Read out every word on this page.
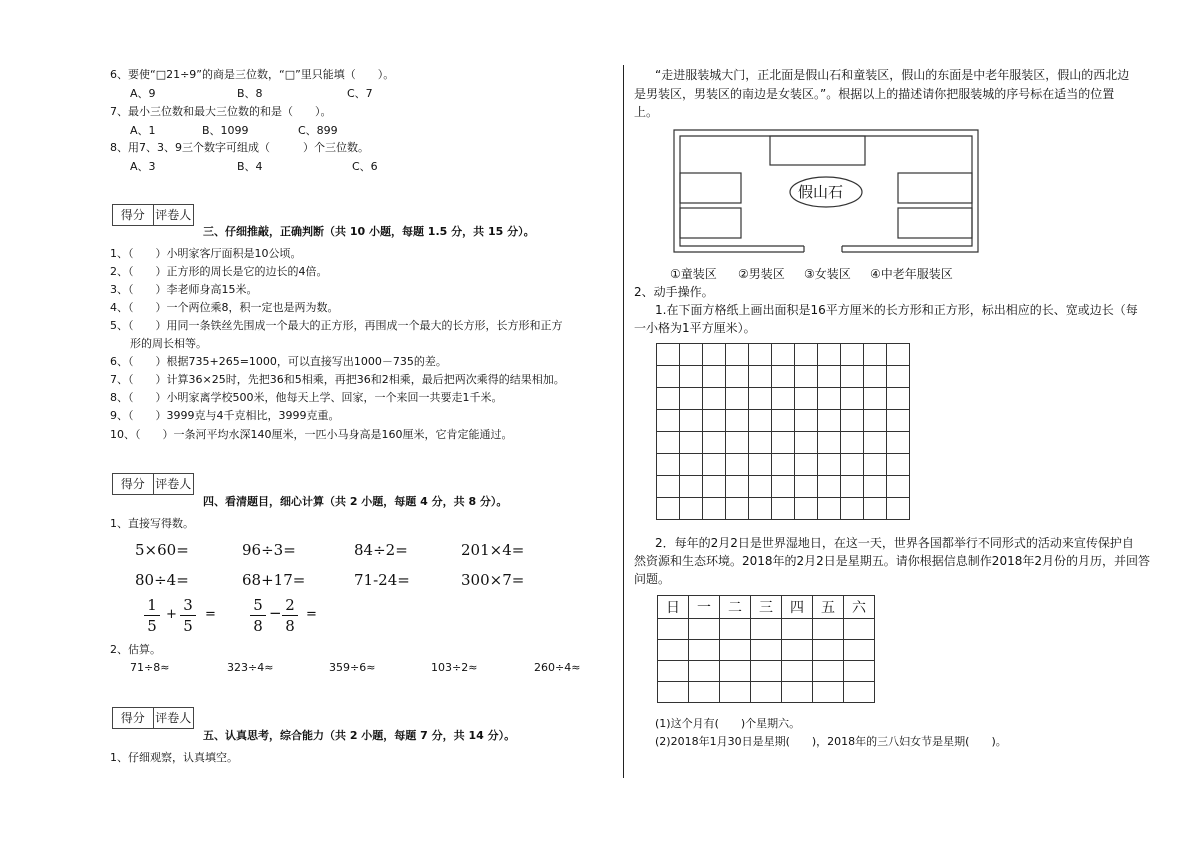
6、要使“□21÷9”的商是三位数，“□”里只能填（　　）。
A、9	B、8	C、7
7、最小三位数和最大三位数的和是（　　）。
A、1	B、1099	C、899
8、用7、3、9三个数字可组成（　　　）个三位数。
A、3	B、4	C、6
得分 评卷人
三、仔细推敲，正确判断（共 10 小题，每题 1.5 分，共 15 分）。
1、（　　）小明家客厅面积是10公顷。
2、（　　）正方形的周长是它的边长的4倍。
3、（　　）李老师身高15米。
4、（　　）一个两位乘8，积一定也是两为数。
5、（　　）用同一条铁丝先围成一个最大的正方形，再围成一个最大的长方形，长方形和正方
形的周长相等。
6、（　　）根据735+265=1000，可以直接写出1000－735的差。
7、（　　）计算36×25时，先把36和5相乘，再把36和2相乘，最后把两次乘得的结果相加。
8、（　　）小明家离学校500米，他每天上学、回家，一个来回一共要走1千米。
9、（　　）3999克与4千克相比，3999克重。
10、（　　）一条河平均水深140厘米，一匹小马身高是160厘米，它肯定能通过。
得分 评卷人
四、看清题目，细心计算（共 2 小题，每题 4 分，共 8 分）。
1、直接写得数。
5×60=	96÷3=	84÷2=	201×4=
80÷4=	68+17=	71-24=	300×7=
1
5
+
3
5
=
5
8
− 2
8
=
2、估算。
71÷8≈	323÷4≈	359÷6≈	103÷2≈	260÷4≈
得分 评卷人
五、认真思考，综合能力（共 2 小题，每题 7 分，共 14 分）。
1、仔细观察，认真填空。
“走进服装城大门，正北面是假山石和童装区，假山的东面是中老年服装区，假山的西北边
是男装区，男装区的南边是女装区。”。根据以上的描述请你把服装城的序号标在适当的位置
上。
假山石
①童装区 ②男装区 ③女装区 ④中老年服装区
2、动手操作。
1.在下面方格纸上画出面积是16平方厘米的长方形和正方形，标出相应的长、宽或边长（每
一小格为1平方厘米）。

2．每年的2月2日是世界湿地日，在这一天，世界各国都举行不同形式的活动来宣传保护自
然资源和生态环境。2018年的2月2日是星期五。请你根据信息制作2018年2月份的月历，并回答
问题。
日	一	二	三	四	五	六

(1)这个月有(　　)个星期六。
(2)2018年1月30日是星期(　　)，2018年的三八妇女节是星期(　　)。
